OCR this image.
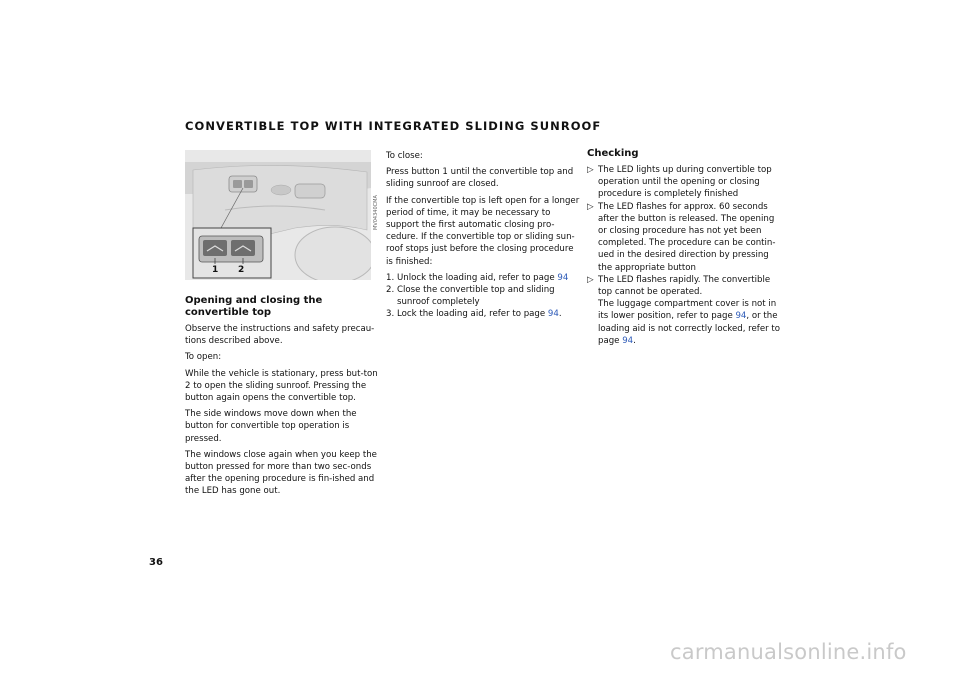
CONVERTIBLE TOP WITH INTEGRATED SLIDING SUNROOF
1 2
MV04340CMA
Opening and closing the convertible top

Observe the instructions and safety precau-tions described above.

To open:

While the vehicle is stationary, press but-ton 2 to open the sliding sunroof. Pressing the button again opens the convertible top.

The side windows move down when the button for convertible top operation is pressed.

The windows close again when you keep the button pressed for more than two sec-onds after the opening procedure is fin-ished and the LED has gone out.

To close:

Press button 1 until the convertible top and sliding sunroof are closed.

If the convertible top is left open for a longer period of time, it may be necessary to support the first automatic closing pro-cedure. If the convertible top or sliding sun-roof stops just before the closing procedure is finished:

1. Unlock the loading aid, refer to page 94
2. Close the convertible top and sliding sunroof completely
3. Lock the loading aid, refer to page 94.
Checking
▷ The LED lights up during convertible top operation until the opening or closing procedure is completely finished
▷ The LED flashes for approx. 60 seconds after the button is released. The opening or closing procedure has not yet been completed. The procedure can be contin-ued in the desired direction by pressing the appropriate button
▷ The LED flashes rapidly. The convertible top cannot be operated.
The luggage compartment cover is not in its lower position, refer to page 94, or the loading aid is not correctly locked, refer to page 94.
36
carmanualsonline.info
